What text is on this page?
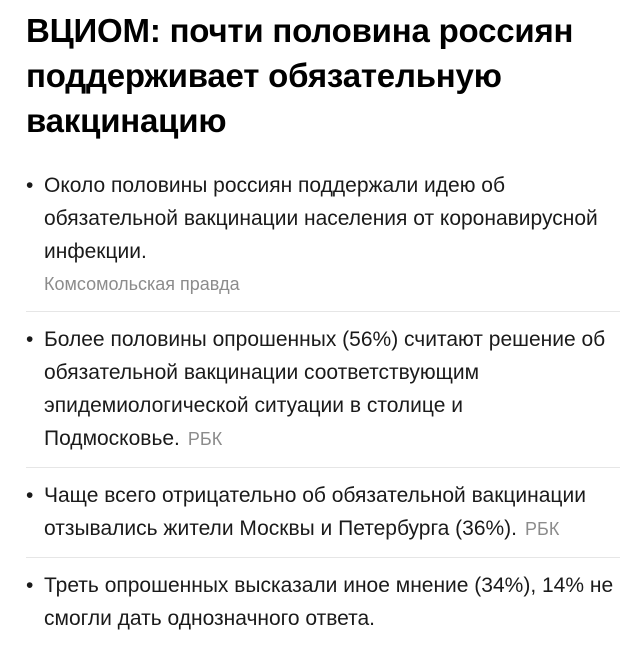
ВЦИОМ: почти половина россиян поддерживает обязательную вакцинацию
• Около половины россиян поддержали идею об обязательной вакцинации населения от коронавирусной инфекции.
Комсомольская правда
• Более половины опрошенных (56%) считают решение об обязательной вакцинации соответствующим эпидемиологической ситуации в столице и Подмосковье. РБК
• Чаще всего отрицательно об обязательной вакцинации отзывались жители Москвы и Петербурга (36%). РБК
• Треть опрошенных высказали иное мнение (34%), 14% не смогли дать однозначного ответа.
